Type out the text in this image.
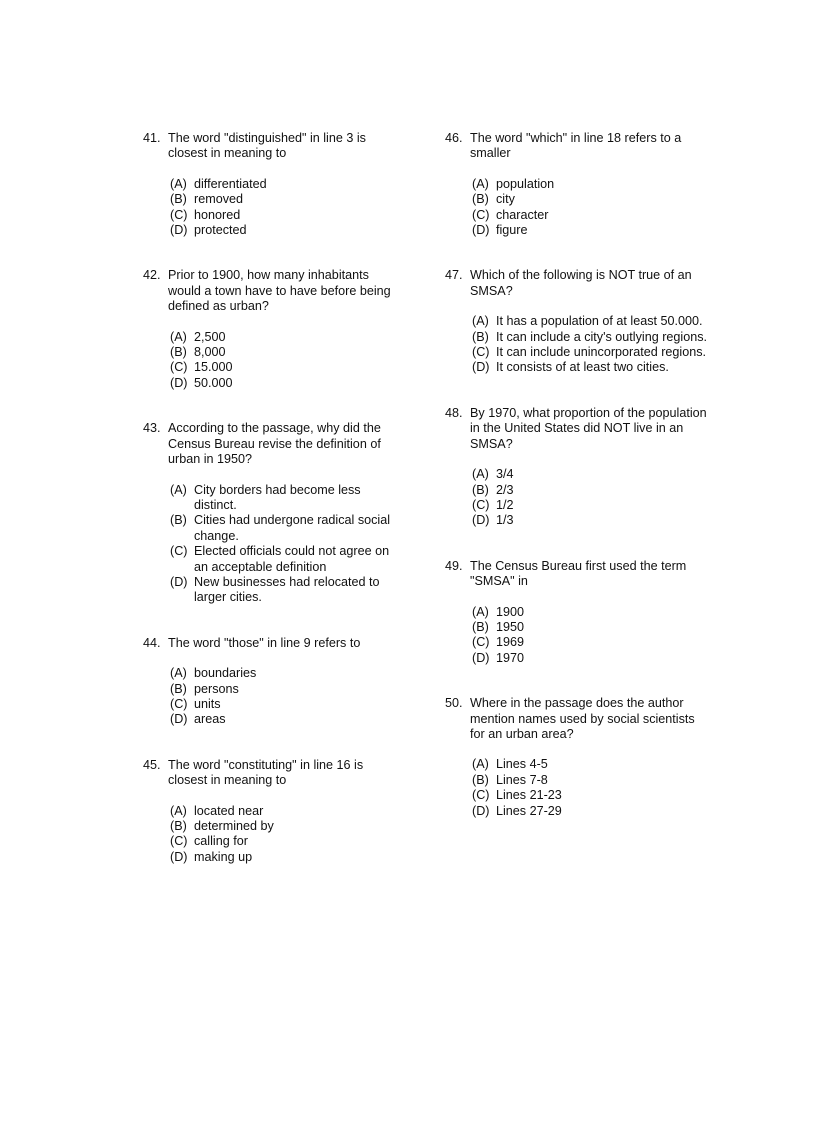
41. The word "distinguished" in line 3 is closest in meaning to
(A) differentiated
(B) removed
(C) honored
(D) protected
42. Prior to 1900, how many inhabitants would a town have to have before being defined as urban?
(A) 2,500
(B) 8,000
(C) 15.000
(D) 50.000
43. According to the passage, why did the Census Bureau revise the definition of urban in 1950?
(A) City borders had become less distinct.
(B) Cities had undergone radical social change.
(C) Elected officials could not agree on an acceptable definition
(D) New businesses had relocated to larger cities.
44. The word "those" in line 9 refers to
(A) boundaries
(B) persons
(C) units
(D) areas
45. The word "constituting" in line 16 is closest in meaning to
(A) located near
(B) determined by
(C) calling for
(D) making up
46. The word "which" in line 18 refers to a smaller
(A) population
(B) city
(C) character
(D) figure
47. Which of the following is NOT true of an SMSA?
(A) It has a population of at least 50.000.
(B) It can include a city's outlying regions.
(C) It can include unincorporated regions.
(D) It consists of at least two cities.
48. By 1970, what proportion of the population in the United States did NOT live in an SMSA?
(A) 3/4
(B) 2/3
(C) 1/2
(D) 1/3
49. The Census Bureau first used the term "SMSA" in
(A) 1900
(B) 1950
(C) 1969
(D) 1970
50. Where in the passage does the author mention names used by social scientists for an urban area?
(A) Lines 4-5
(B) Lines 7-8
(C) Lines 21-23
(D) Lines 27-29
